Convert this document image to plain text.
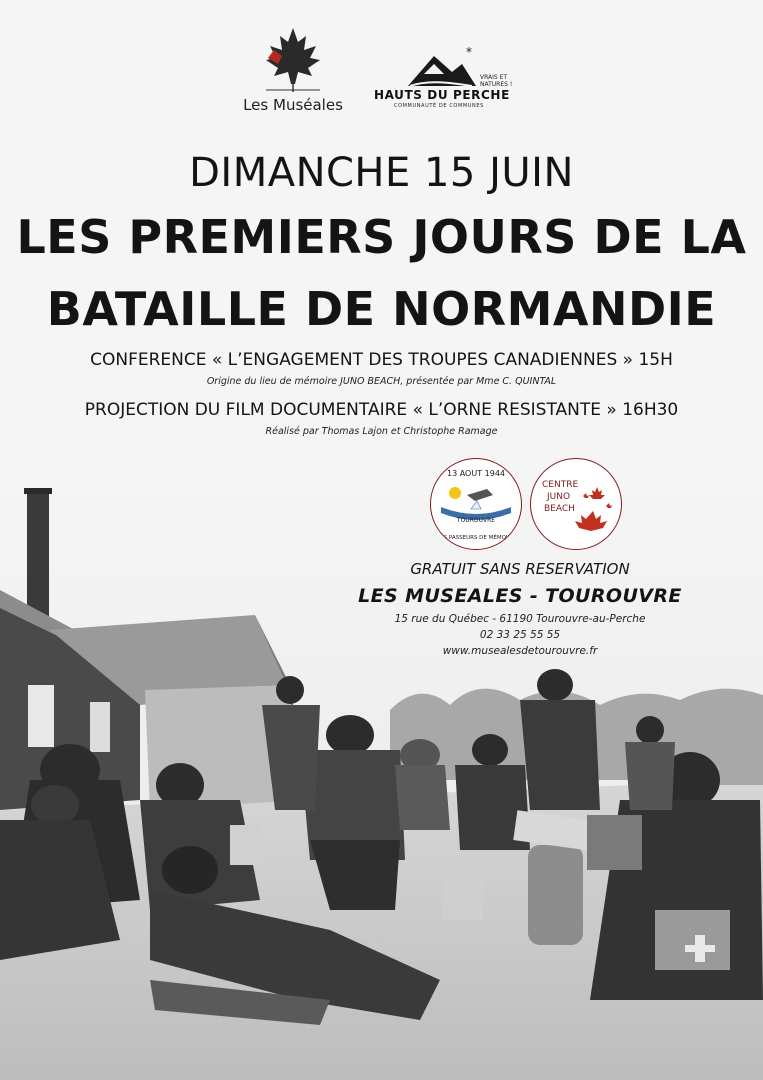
Les Muséales
*
VRAIS ET
NATURES !
HAUTS DU PERCHE
COMMUNAUTÉ DE COMMUNES
DIMANCHE 15 JUIN
LES PREMIERS JOURS DE LA
BATAILLE DE NORMANDIE
CONFERENCE « L’ENGAGEMENT DES TROUPES CANADIENNES » 15H
Origine du lieu de mémoire JUNO BEACH, présentée par Mme C. QUINTAL
PROJECTION DU FILM DOCUMENTAIRE « L’ORNE RESISTANTE » 16H30
Réalisé par Thomas Lajon et Christophe Ramage
13 AOUT 1944
TOUROUVRE
LES PASSEURS DE MÉMOIRE
CENTRE
JUNO
BEACH
GRATUIT SANS RESERVATION
LES MUSEALES - TOUROUVRE
15 rue du Québec - 61190 Tourouvre-au-Perche
02 33 25 55 55
www.musealesdetourouvre.fr
